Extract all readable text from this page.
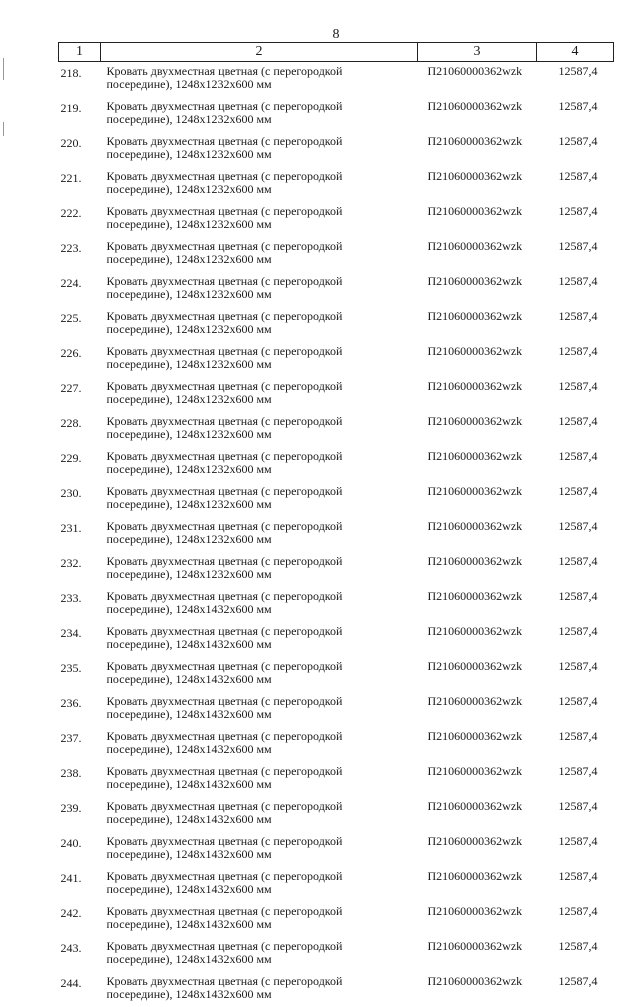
8
1	2	3	4
218.	Кровать двухместная цветная (с перегородкой
посередине), 1248x1232x600 мм	П21060000362wzk	12587,4
219.	Кровать двухместная цветная (с перегородкой
посередине), 1248x1232x600 мм	П21060000362wzk	12587,4
220.	Кровать двухместная цветная (с перегородкой
посередине), 1248x1232x600 мм	П21060000362wzk	12587,4
221.	Кровать двухместная цветная (с перегородкой
посередине), 1248x1232x600 мм	П21060000362wzk	12587,4
222.	Кровать двухместная цветная (с перегородкой
посередине), 1248x1232x600 мм	П21060000362wzk	12587,4
223.	Кровать двухместная цветная (с перегородкой
посередине), 1248x1232x600 мм	П21060000362wzk	12587,4
224.	Кровать двухместная цветная (с перегородкой
посередине), 1248x1232x600 мм	П21060000362wzk	12587,4
225.	Кровать двухместная цветная (с перегородкой
посередине), 1248x1232x600 мм	П21060000362wzk	12587,4
226.	Кровать двухместная цветная (с перегородкой
посередине), 1248x1232x600 мм	П21060000362wzk	12587,4
227.	Кровать двухместная цветная (с перегородкой
посередине), 1248x1232x600 мм	П21060000362wzk	12587,4
228.	Кровать двухместная цветная (с перегородкой
посередине), 1248x1232x600 мм	П21060000362wzk	12587,4
229.	Кровать двухместная цветная (с перегородкой
посередине), 1248x1232x600 мм	П21060000362wzk	12587,4
230.	Кровать двухместная цветная (с перегородкой
посередине), 1248x1232x600 мм	П21060000362wzk	12587,4
231.	Кровать двухместная цветная (с перегородкой
посередине), 1248x1232x600 мм	П21060000362wzk	12587,4
232.	Кровать двухместная цветная (с перегородкой
посередине), 1248x1232x600 мм	П21060000362wzk	12587,4
233.	Кровать двухместная цветная (с перегородкой
посередине), 1248x1432x600 мм	П21060000362wzk	12587,4
234.	Кровать двухместная цветная (с перегородкой
посередине), 1248x1432x600 мм	П21060000362wzk	12587,4
235.	Кровать двухместная цветная (с перегородкой
посередине), 1248x1432x600 мм	П21060000362wzk	12587,4
236.	Кровать двухместная цветная (с перегородкой
посередине), 1248x1432x600 мм	П21060000362wzk	12587,4
237.	Кровать двухместная цветная (с перегородкой
посередине), 1248x1432x600 мм	П21060000362wzk	12587,4
238.	Кровать двухместная цветная (с перегородкой
посередине), 1248x1432x600 мм	П21060000362wzk	12587,4
239.	Кровать двухместная цветная (с перегородкой
посередине), 1248x1432x600 мм	П21060000362wzk	12587,4
240.	Кровать двухместная цветная (с перегородкой
посередине), 1248x1432x600 мм	П21060000362wzk	12587,4
241.	Кровать двухместная цветная (с перегородкой
посередине), 1248x1432x600 мм	П21060000362wzk	12587,4
242.	Кровать двухместная цветная (с перегородкой
посередине), 1248x1432x600 мм	П21060000362wzk	12587,4
243.	Кровать двухместная цветная (с перегородкой
посередине), 1248x1432x600 мм	П21060000362wzk	12587,4
244.	Кровать двухместная цветная (с перегородкой
посередине), 1248x1432x600 мм	П21060000362wzk	12587,4
